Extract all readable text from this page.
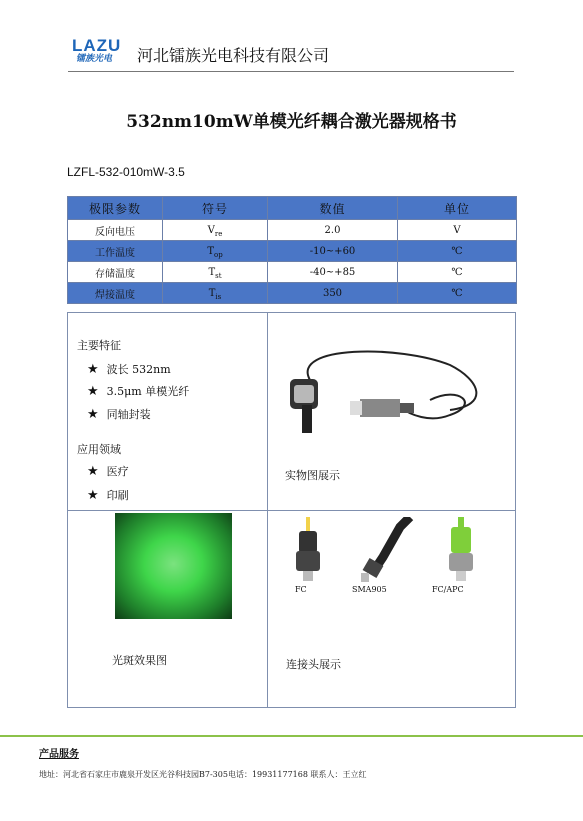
LAZU
镭族光电	河北镭族光电科技有限公司
532nm10mW单模光纤耦合激光器规格书
LZFL-532-010mW-3.5
极限参数	符号	数值	单位
反向电压	$V_{re}$	2.0	V
工作温度	$T_{op}$	-10~+60	℃
存储温度	$T_{st}$	-40~+85	℃
焊接温度	$T_{is}$	350	℃
主要特征
★ 波长 532nm
★ 3.5μm 单模光纤
★ 同轴封装
应用领域
★ 医疗
★ 印刷
实物图展示
光斑效果图
FC	SMA905	FC/APC
连接头展示
产品服务
地址：河北省石家庄市鹿泉开发区光谷科技园B7-305电话：19931177168 联系人：王立红
